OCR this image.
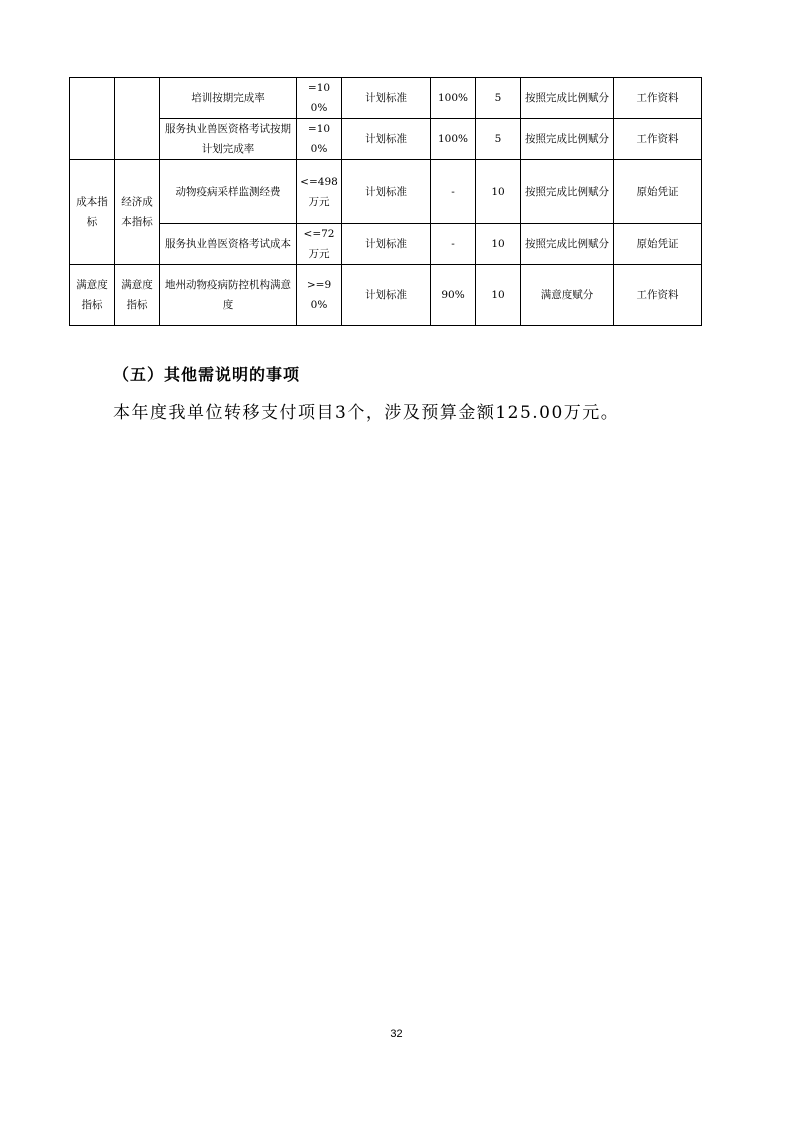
		培训按期完成率	=100%	计划标准	100%	5	按照完成比例赋分	工作资料
		服务执业兽医资格考试按期计划完成率	=100%	计划标准	100%	5	按照完成比例赋分	工作资料
成本指标	经济成本指标	动物疫病采样监测经费	<=498万元	计划标准	-	10	按照完成比例赋分	原始凭证
		服务执业兽医资格考试成本	<=72万元	计划标准	-	10	按照完成比例赋分	原始凭证
满意度指标	满意度指标	地州动物疫病防控机构满意度	>=90%	计划标准	90%	10	满意度赋分	工作资料
（五）其他需说明的事项
本年度我单位转移支付项目3个，涉及预算金额125.00万元。
32
